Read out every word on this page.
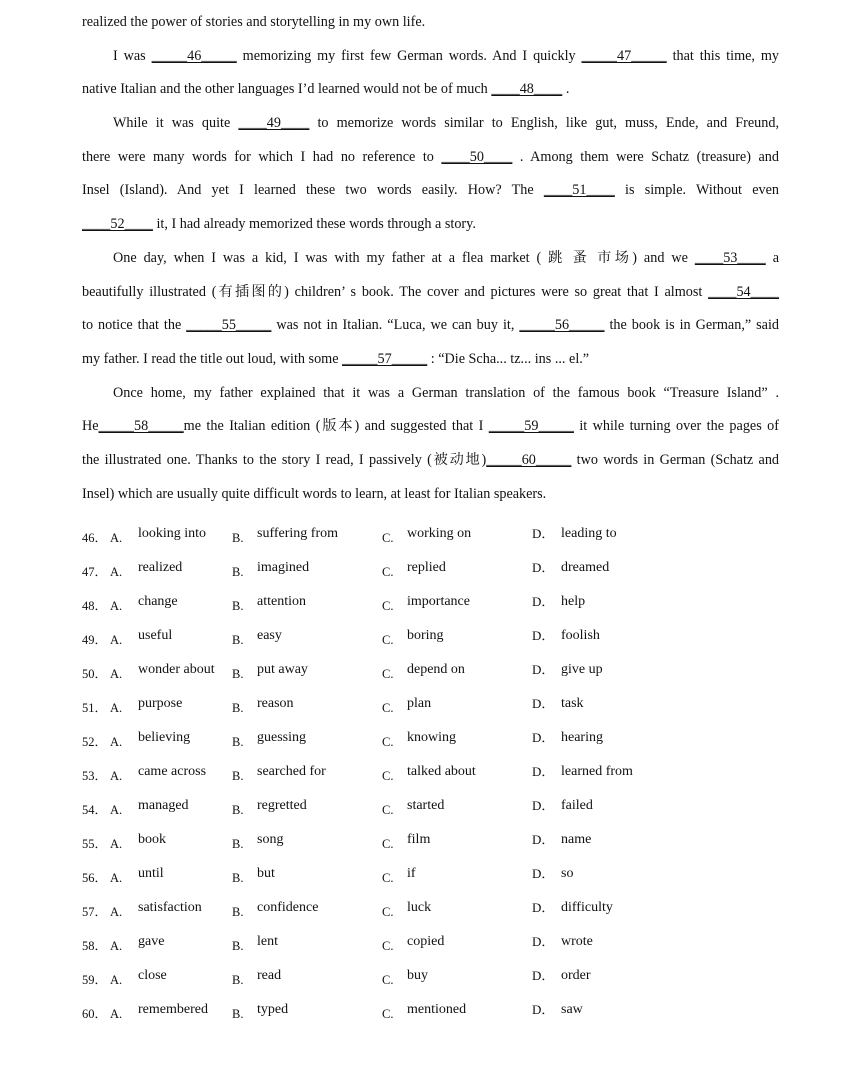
realized the power of stories and storytelling in my own life.
I was _____46_____ memorizing my first few German words. And I quickly _____47_____ that this time, my
native Italian and the other languages I’d learned would not be of much ____48____ .
While it was quite ____49____ to memorize words similar to English, like gut, muss, Ende, and Freund,
there were many words for which I had no reference to ____50____ . Among them were Schatz (treasure) and
Insel (Island). And yet I learned these two words easily. How? The ____51____ is simple. Without even
____52____ it, I had already memorized these words through a story.
One day, when I was a kid, I was with my father at a flea market ( 跳 蚤 市场) and we ____53____ a
beautifully illustrated (有插图的) children’ s book. The cover and pictures were so great that I almost ____54____
to notice that the _____55_____ was not in Italian. “Luca, we can buy it, _____56_____ the book is in German,” said
my father. I read the title out loud, with some _____57_____ : “Die Scha... tz... ins ... el.”
Once home, my father explained that it was a German translation of the famous book “Treasure Island” .
He_____58_____me the Italian edition (版本) and suggested that I _____59_____ it while turning over the pages of
the illustrated one. Thanks to the story I read, I passively (被动地)_____60_____ two words in German (Schatz and
Insel) which are usually quite difficult words to learn, at least for Italian speakers.
46． A. looking into B. suffering from	C. working on	D． leading to
47． A. realized	B. imagined	C. replied	D． dreamed
48． A. change	B. attention	C. importance	D． help
49． A. useful	B. easy	C. boring	D． foolish
50． A. wonder about B. put away	C. depend on	D． give up
51． A. purpose	B. reason	C. plan	D． task
52． A. believing	B. guessing	C. knowing	D． hearing
53． A. came across B. searched for	C. talked about	D． learned from
54． A. managed	B. regretted	C. started	D． failed
55． A. book	B. song	C. film	D． name
56． A. until	B. but	C. if	D． so
57． A. satisfaction B. confidence	C. luck	D． difficulty
58． A. gave	B. lent	C. copied	D． wrote
59． A. close	B. read	C. buy	D． order
60． A. remembered B. typed	C. mentioned	D． saw
